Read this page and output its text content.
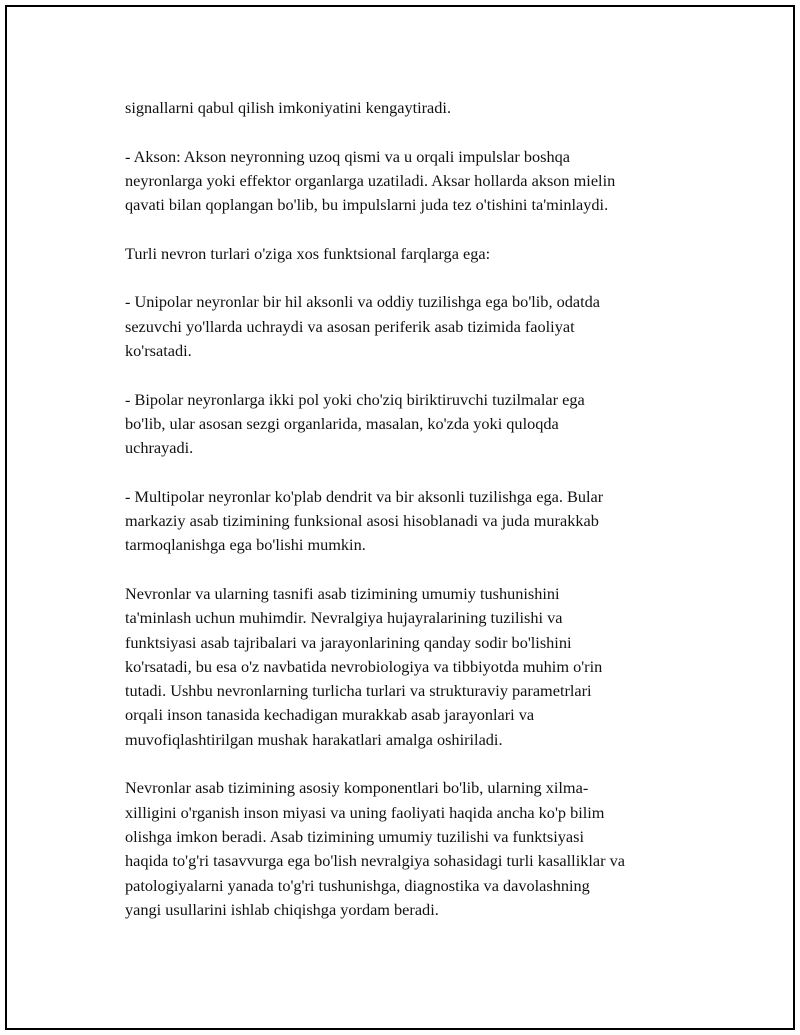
signallarni qabul qilish imkoniyatini kengaytiradi.

- Akson: Akson neyronning uzoq qismi va u orqali impulslar boshqa
neyronlarga yoki effektor organlarga uzatiladi. Aksar hollarda akson mielin
qavati bilan qoplangan bo'lib, bu impulslarni juda tez o'tishini ta'minlaydi.

Turli nevron turlari o'ziga xos funktsional farqlarga ega:

- Unipolar neyronlar bir hil aksonli va oddiy tuzilishga ega bo'lib, odatda
sezuvchi yo'llarda uchraydi va asosan periferik asab tizimida faoliyat
ko'rsatadi.

- Bipolar neyronlarga ikki pol yoki cho'ziq biriktiruvchi tuzilmalar ega
bo'lib, ular asosan sezgi organlarida, masalan, ko'zda yoki quloqda
uchrayadi.

- Multipolar neyronlar ko'plab dendrit va bir aksonli tuzilishga ega. Bular
markaziy asab tizimining funksional asosi hisoblanadi va juda murakkab
tarmoqlanishga ega bo'lishi mumkin.

Nevronlar va ularning tasnifi asab tizimining umumiy tushunishini
ta'minlash uchun muhimdir. Nevralgiya hujayralarining tuzilishi va
funktsiyasi asab tajribalari va jarayonlarining qanday sodir bo'lishini
ko'rsatadi, bu esa o'z navbatida nevrobiologiya va tibbiyotda muhim o'rin
tutadi. Ushbu nevronlarning turlicha turlari va strukturaviy parametrlari
orqali inson tanasida kechadigan murakkab asab jarayonlari va
muvofiqlashtirilgan mushak harakatlari amalga oshiriladi.

Nevronlar asab tizimining asosiy komponentlari bo'lib, ularning xilma-
xilligini o'rganish inson miyasi va uning faoliyati haqida ancha ko'p bilim
olishga imkon beradi. Asab tizimining umumiy tuzilishi va funktsiyasi
haqida to'g'ri tasavvurga ega bo'lish nevralgiya sohasidagi turli kasalliklar va
patologiyalarni yanada to'g'ri tushunishga, diagnostika va davolashning
yangi usullarini ishlab chiqishga yordam beradi.
